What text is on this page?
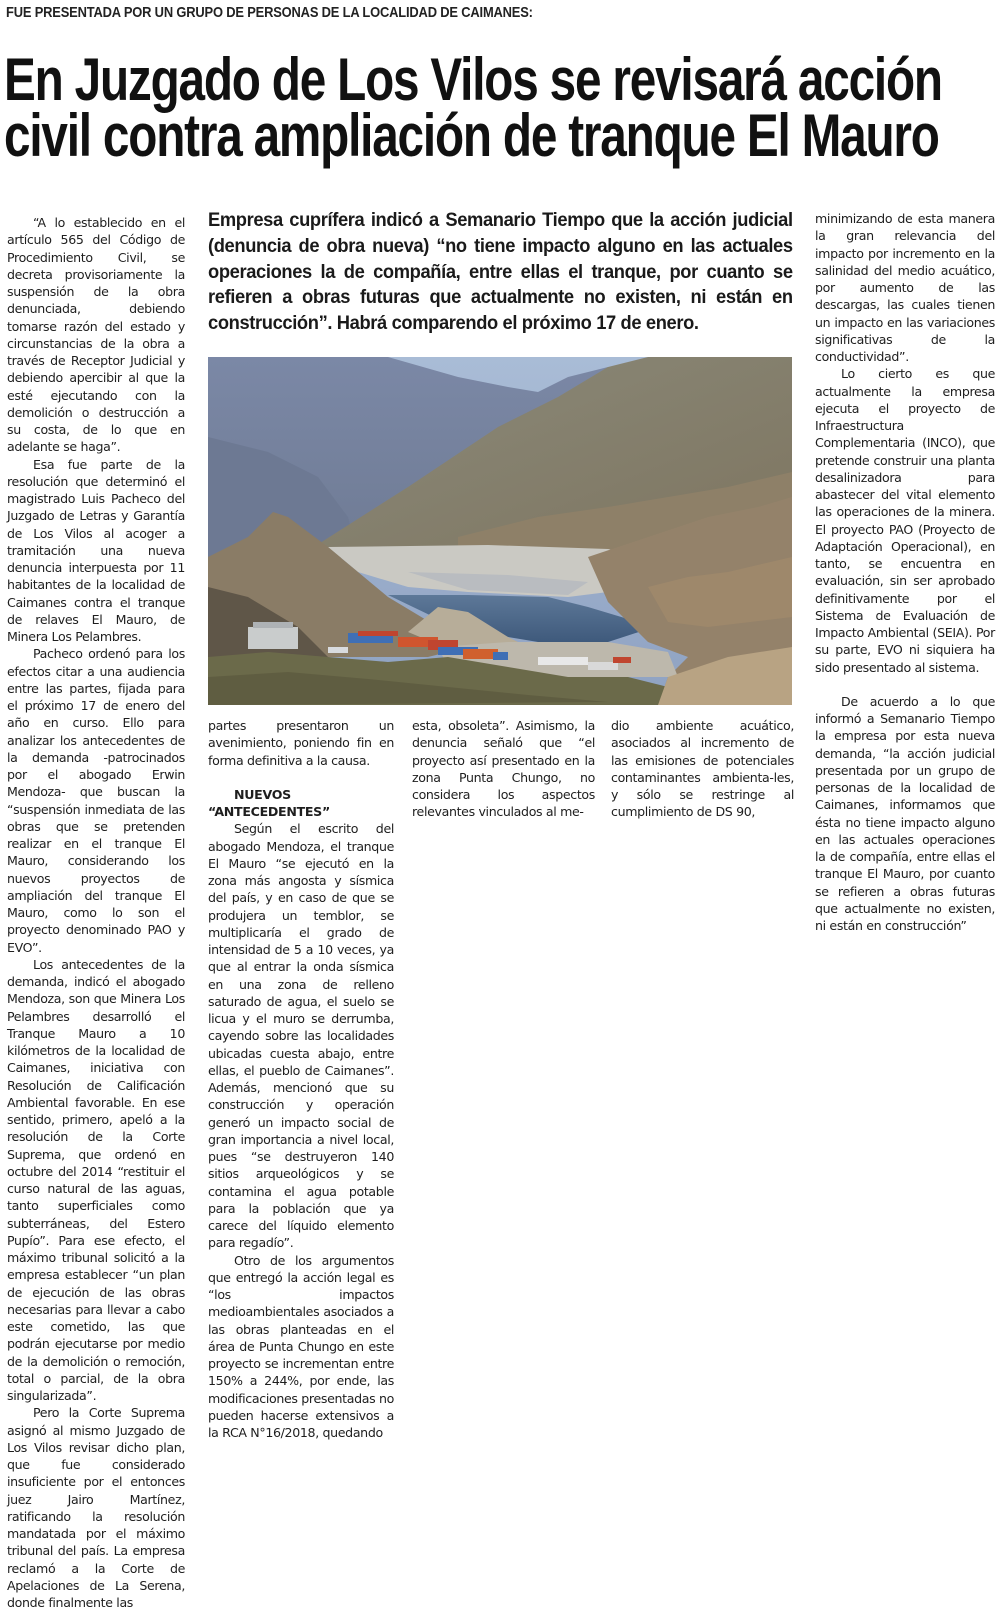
FUE PRESENTADA POR UN GRUPO DE PERSONAS DE LA LOCALIDAD DE CAIMANES:
En Juzgado de Los Vilos se revisará acción
civil contra ampliación de tranque El Mauro

“A lo establecido en el artículo 565 del Código de Procedimiento Civil, se decreta provisoriamente la suspensión de la obra denunciada, debiendo tomarse razón del estado y circunstancias de la obra a través de Receptor Judicial y debiendo apercibir al que la esté ejecutando con la demolición o destrucción a su costa, de lo que en adelante se haga”.

Esa fue parte de la resolución que determinó el magistrado Luis Pacheco del Juzgado de Letras y Garantía de Los Vilos al acoger a tramitación una nueva denuncia interpuesta por 11 habitantes de la localidad de Caimanes contra el tranque de relaves El Mauro, de Minera Los Pelambres.

Pacheco ordenó para los efectos citar a una audiencia entre las partes, fijada para el próximo 17 de enero del año en curso. Ello para analizar los antecedentes de la demanda -patrocinados por el abogado Erwin Mendoza- que buscan la “suspensión inmediata de las obras que se pretenden realizar en el tranque El Mauro, considerando los nuevos proyectos de ampliación del tranque El Mauro, como lo son el proyecto denominado PAO y EVO”.

Los antecedentes de la demanda, indicó el abogado Mendoza, son que Minera Los Pelambres desarrolló el Tranque Mauro a 10 kilómetros de la localidad de Caimanes, iniciativa con Resolución de Calificación Ambiental favorable. En ese sentido, primero, apeló a la resolución de la Corte Suprema, que ordenó en octubre del 2014 “restituir el curso natural de las aguas, tanto superficiales como subterráneas, del Estero Pupío”. Para ese efecto, el máximo tribunal solicitó a la empresa establecer “un plan de ejecución de las obras necesarias para llevar a cabo este cometido, las que podrán ejecutarse por medio de la demolición o remoción, total o parcial, de la obra singularizada”.

Pero la Corte Suprema asignó al mismo Juzgado de Los Vilos revisar dicho plan, que fue considerado insuficiente por el entonces juez Jairo Martínez, ratificando la resolución mandatada por el máximo tribunal del país. La empresa reclamó a la Corte de Apelaciones de La Serena, donde finalmente las

Empresa cuprífera indicó a Semanario Tiempo que la acción judicial (denuncia de obra nueva) “no tiene impacto alguno en las actuales operaciones la de compañía, entre ellas el tranque, por cuanto se refieren a obras futuras que actualmente no existen, ni están en construcción”. Habrá comparendo el próximo 17 de enero.

partes presentaron un avenimiento, poniendo fin en forma definitiva a la causa.

NUEVOS “ANTECEDENTES”

Según el escrito del abogado Mendoza, el tranque El Mauro “se ejecutó en la zona más angosta y sísmica del país, y en caso de que se produjera un temblor, se multiplicaría el grado de intensidad de 5 a 10 veces, ya que al entrar la onda sísmica en una zona de relleno saturado de agua, el suelo se licua y el muro se derrumba, cayendo sobre las localidades ubicadas cuesta abajo, entre ellas, el pueblo de Caimanes”. Además, mencionó que su construcción y operación generó un impacto social de gran importancia a nivel local, pues “se destruyeron 140 sitios arqueológicos y se contamina el agua potable para la población que ya carece del líquido elemento para regadío”.

Otro de los argumentos que entregó la acción legal es “los impactos medioambientales asociados a las obras planteadas en el área de Punta Chungo en este proyecto se incrementan entre 150% a 244%, por ende, las modificaciones presentadas no pueden hacerse extensivos a la RCA N°16/2018, quedando

esta, obsoleta”. Asimismo, la denuncia señaló que “el proyecto así presentado en la zona Punta Chungo, no considera los aspectos relevantes vinculados al me-

dio ambiente acuático, asociados al incremento de las emisiones de potenciales contaminantes ambienta-les, y sólo se restringe al cumplimiento de DS 90,

minimizando de esta manera la gran relevancia del impacto por incremento en la salinidad del medio acuático, por aumento de las descargas, las cuales tienen un impacto en las variaciones significativas de la conductividad”.

Lo cierto es que actualmente la empresa ejecuta el proyecto de Infraestructura Complementaria (INCO), que pretende construir una planta desalinizadora para abastecer del vital elemento las operaciones de la minera. El proyecto PAO (Proyecto de Adaptación Operacional), en tanto, se encuentra en evaluación, sin ser aprobado definitivamente por el Sistema de Evaluación de Impacto Ambiental (SEIA). Por su parte, EVO ni siquiera ha sido presentado al sistema.

De acuerdo a lo que informó a Semanario Tiempo la empresa por esta nueva demanda, “la acción judicial presentada por un grupo de personas de la localidad de Caimanes, informamos que ésta no tiene impacto alguno en las actuales operaciones la de compañía, entre ellas el tranque El Mauro, por cuanto se refieren a obras futuras que actualmente no existen, ni están en construcción”
